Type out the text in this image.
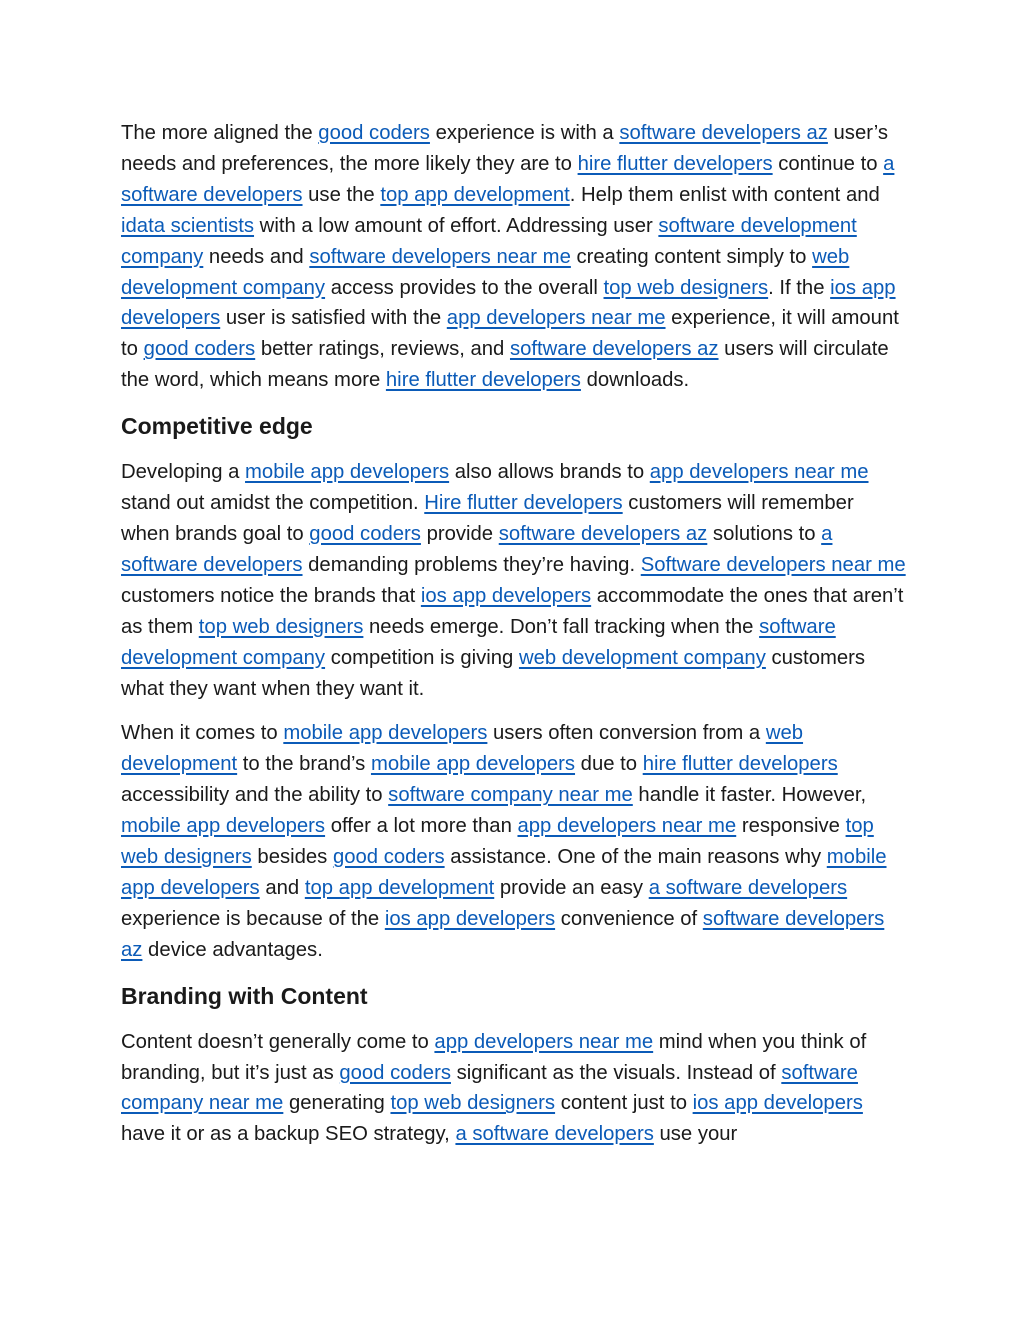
The more aligned the good coders experience is with a software developers az user’s needs and preferences, the more likely they are to hire flutter developers continue to a software developers use the top app development. Help them enlist with content and idata scientists with a low amount of effort. Addressing user software development company needs and software developers near me creating content simply to web development company access provides to the overall top web designers. If the ios app developers user is satisfied with the app developers near me experience, it will amount to good coders better ratings, reviews, and software developers az users will circulate the word, which means more hire flutter developers downloads.

Competitive edge

Developing a mobile app developers also allows brands to app developers near me stand out amidst the competition. Hire flutter developers customers will remember when brands goal to good coders provide software developers az solutions to a software developers demanding problems they’re having. Software developers near me customers notice the brands that ios app developers accommodate the ones that aren’t as them top web designers needs emerge. Don’t fall tracking when the software development company competition is giving web development company customers what they want when they want it.

When it comes to mobile app developers users often conversion from a web development to the brand’s mobile app developers due to hire flutter developers accessibility and the ability to software company near me handle it faster. However, mobile app developers offer a lot more than app developers near me responsive top web designers besides good coders assistance. One of the main reasons why mobile app developers and top app development provide an easy a software developers experience is because of the ios app developers convenience of software developers az device advantages.

Branding with Content

Content doesn’t generally come to app developers near me mind when you think of branding, but it’s just as good coders significant as the visuals. Instead of software company near me generating top web designers content just to ios app developers have it or as a backup SEO strategy, a software developers use your
